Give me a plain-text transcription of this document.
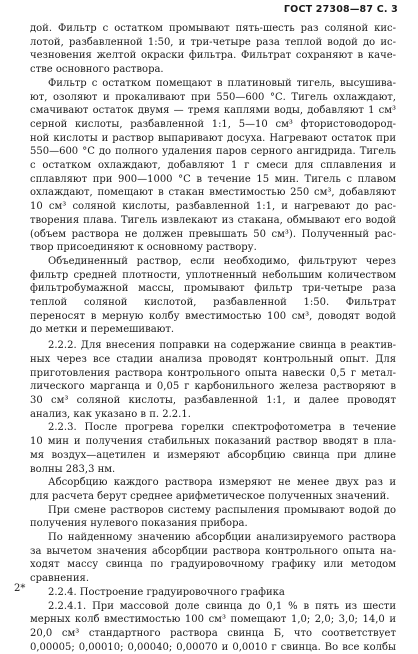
ГОСТ 27308—87 С. 3
дой. Фильтр с остатком промывают пять-шесть раз соляной кис-
лотой, разбавленной 1:50, и три-четыре раза теплой водой до ис-
чезновения желтой окраски фильтра. Фильтрат сохраняют в каче-
стве основного раствора.
Фильтр с остатком помещают в платиновый тигель, высушива-
ют, озоляют и прокаливают при 550—600 °С. Тигель охлаждают,
смачивают остаток двумя — тремя каплями воды, добавляют 1 см³
серной кислоты, разбавленной 1:1, 5—10 см³ фтористоводород-
ной кислоты и раствор выпаривают досуха. Нагревают остаток при
550—600 °С до полного удаления паров серного ангидрида. Тигель
с остатком охлаждают, добавляют 1 г смеси для сплавления и
сплавляют при 900—1000 °С в течение 15 мин. Тигель с плавом
охлаждают, помещают в стакан вместимостью 250 см³, добавляют
10 см³ соляной кислоты, разбавленной 1:1, и нагревают до рас-
творения плава. Тигель извлекают из стакана, обмывают его водой
(объем раствора не должен превышать 50 см³). Полученный рас-
твор присоединяют к основному раствору.
Объединенный раствор, если необходимо, фильтруют через
фильтр средней плотности, уплотненный небольшим количеством
фильтробумажной массы, промывают фильтр три-четыре раза
теплой соляной кислотой, разбавленной 1:50. Фильтрат
переносят в мерную колбу вместимостью 100 см³, доводят водой
до метки и перемешивают.
2.2.2. Для внесения поправки на содержание свинца в реактив-
ных через все стадии анализа проводят контрольный опыт. Для
приготовления раствора контрольного опыта навески 0,5 г метал-
лического марганца и 0,05 г карбонильного железа растворяют в
30 см³ соляной кислоты, разбавленной 1:1, и далее проводят
анализ, как указано в п. 2.2.1.
2.2.3. После прогрева горелки спектрофотометра в течение
10 мин и получения стабильных показаний раствор вводят в пла-
мя воздух—ацетилен и измеряют абсорбцию свинца при длине
волны 283,3 нм.
Абсорбцию каждого раствора измеряют не менее двух раз и
для расчета берут среднее арифметическое полученных значений.
При смене растворов систему распыления промывают водой до
получения нулевого показания прибора.
По найденному значению абсорбции анализируемого раствора
за вычетом значения абсорбции раствора контрольного опыта на-
ходят массу свинца по градуировочному графику или методом
сравнения.
2.2.4. Построение градуировочного графика
2.2.4.1. При массовой доле свинца до 0,1 % в пять из шести
мерных колб вместимостью 100 см³ помещают 1,0; 2,0; 3,0; 14,0 и
20,0 см³ стандартного раствора свинца Б, что соответствует
0,00005; 0,00010; 0,00040; 0,00070 и 0,0010 г свинца. Во все колбы
2*
